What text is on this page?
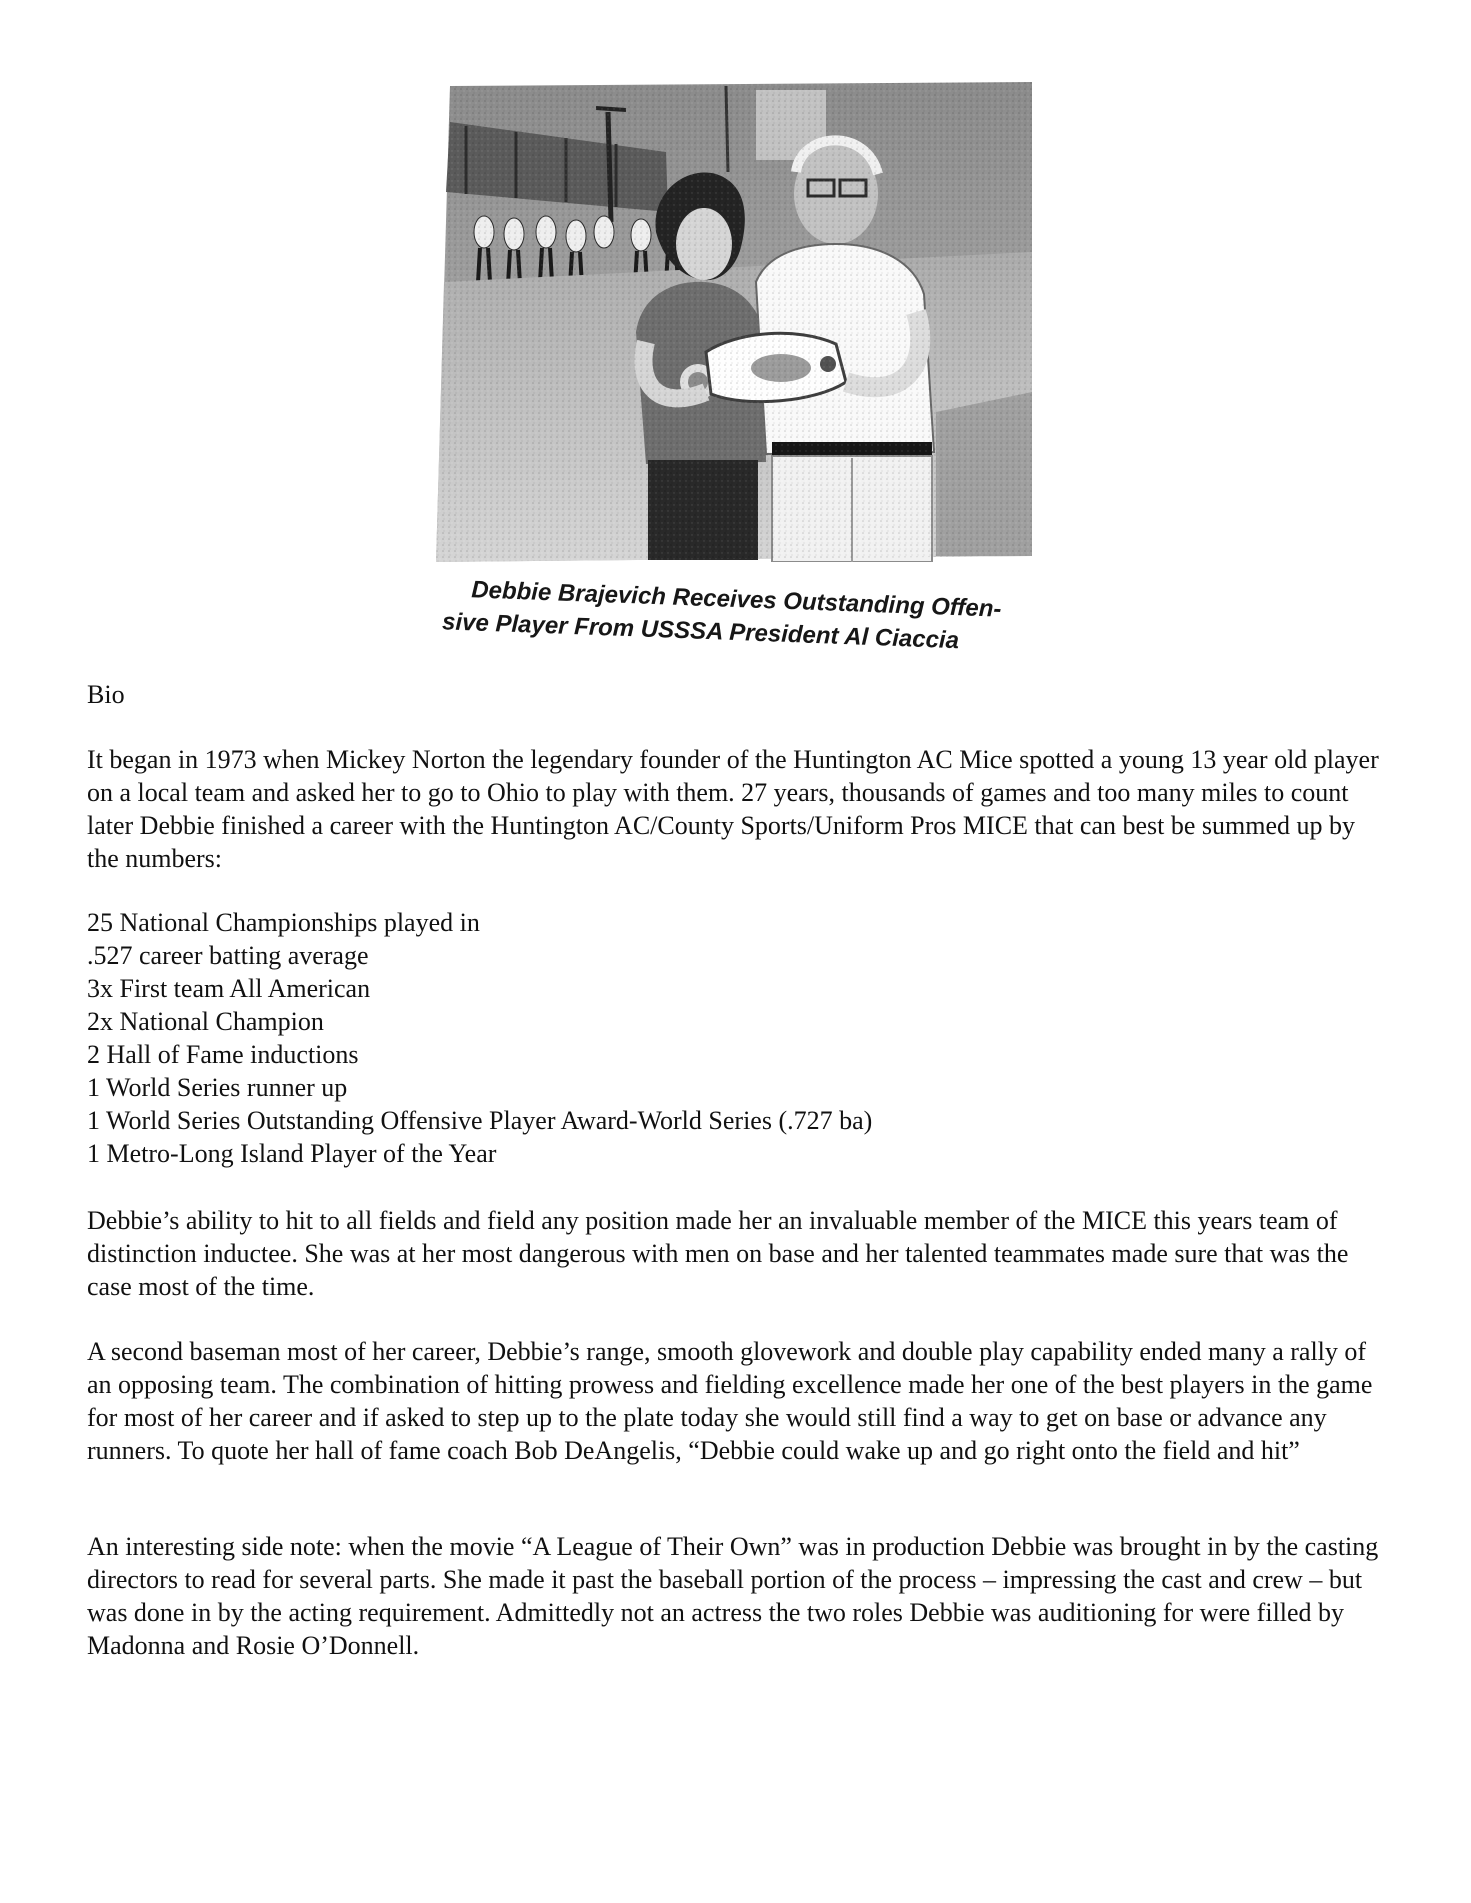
Debbie Brajevich Receives Outstanding Offen-
sive Player From USSSA President Al Ciaccia
Bio

It began in 1973 when Mickey Norton the legendary founder of the Huntington AC Mice spotted a young 13 year old player on a local team and asked her to go to Ohio to play with them. 27 years, thousands of games and too many miles to count later Debbie finished a career with the Huntington AC/County Sports/Uniform Pros MICE that can best be summed up by the numbers:

25 National Championships played in
.527 career batting average
3x First team All American
2x National Champion
2 Hall of Fame inductions
1 World Series runner up
1 World Series Outstanding Offensive Player Award-World Series (.727 ba)
1 Metro-Long Island Player of the Year

Debbie’s ability to hit to all fields and field any position made her an invaluable member of the MICE this years team of distinction inductee. She was at her most dangerous with men on base and her talented teammates made sure that was the case most of the time.

A second baseman most of her career, Debbie’s range, smooth glovework and double play capability ended many a rally of an opposing team. The combination of hitting prowess and fielding excellence made her one of the best players in the game for most of her career and if asked to step up to the plate today she would still find a way to get on base or advance any runners. To quote her hall of fame coach Bob DeAngelis, “Debbie could wake up and go right onto the field and hit”

An interesting side note: when the movie “A League of Their Own” was in production Debbie was brought in by the casting directors to read for several parts. She made it past the baseball portion of the process – impressing the cast and crew – but was done in by the acting requirement. Admittedly not an actress the two roles Debbie was auditioning for were filled by Madonna and Rosie O’Donnell.
